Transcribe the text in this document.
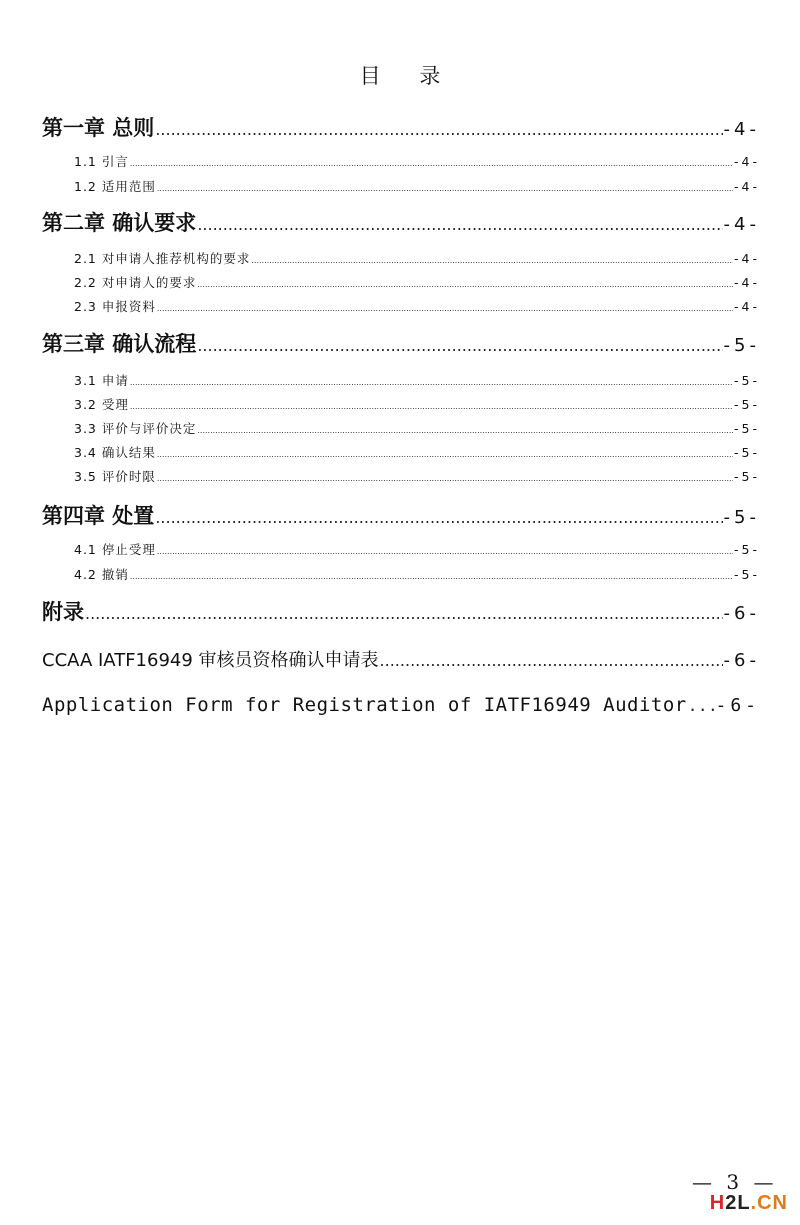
目 录
第一章 总则 .....	-4-
1.1 引言 .....	-4-
1.2 适用范围 .....	-4-
第二章 确认要求 .....	-4-
2.1 对申请人推荐机构的要求 .....	-4-
2.2 对申请人的要求 .....	-4-
2.3 申报资料 .....	-4-
第三章 确认流程 .....	-5-
3.1 申请 .....	-5-
3.2 受理 .....	-5-
3.3 评价与评价决定 .....	-5-
3.4 确认结果 .....	-5-
3.5 评价时限 .....	-5-
第四章 处置 .....	-5-
4.1 停止受理 .....	-5-
4.2 撤销 .....	-5-
附录 .....	-6-
CCAA IATF16949 审核员资格确认申请表 .....	-6-
Application Form for Registration of IATF16949 Auditor ..... -6-
— 3 —
H2L.CN
